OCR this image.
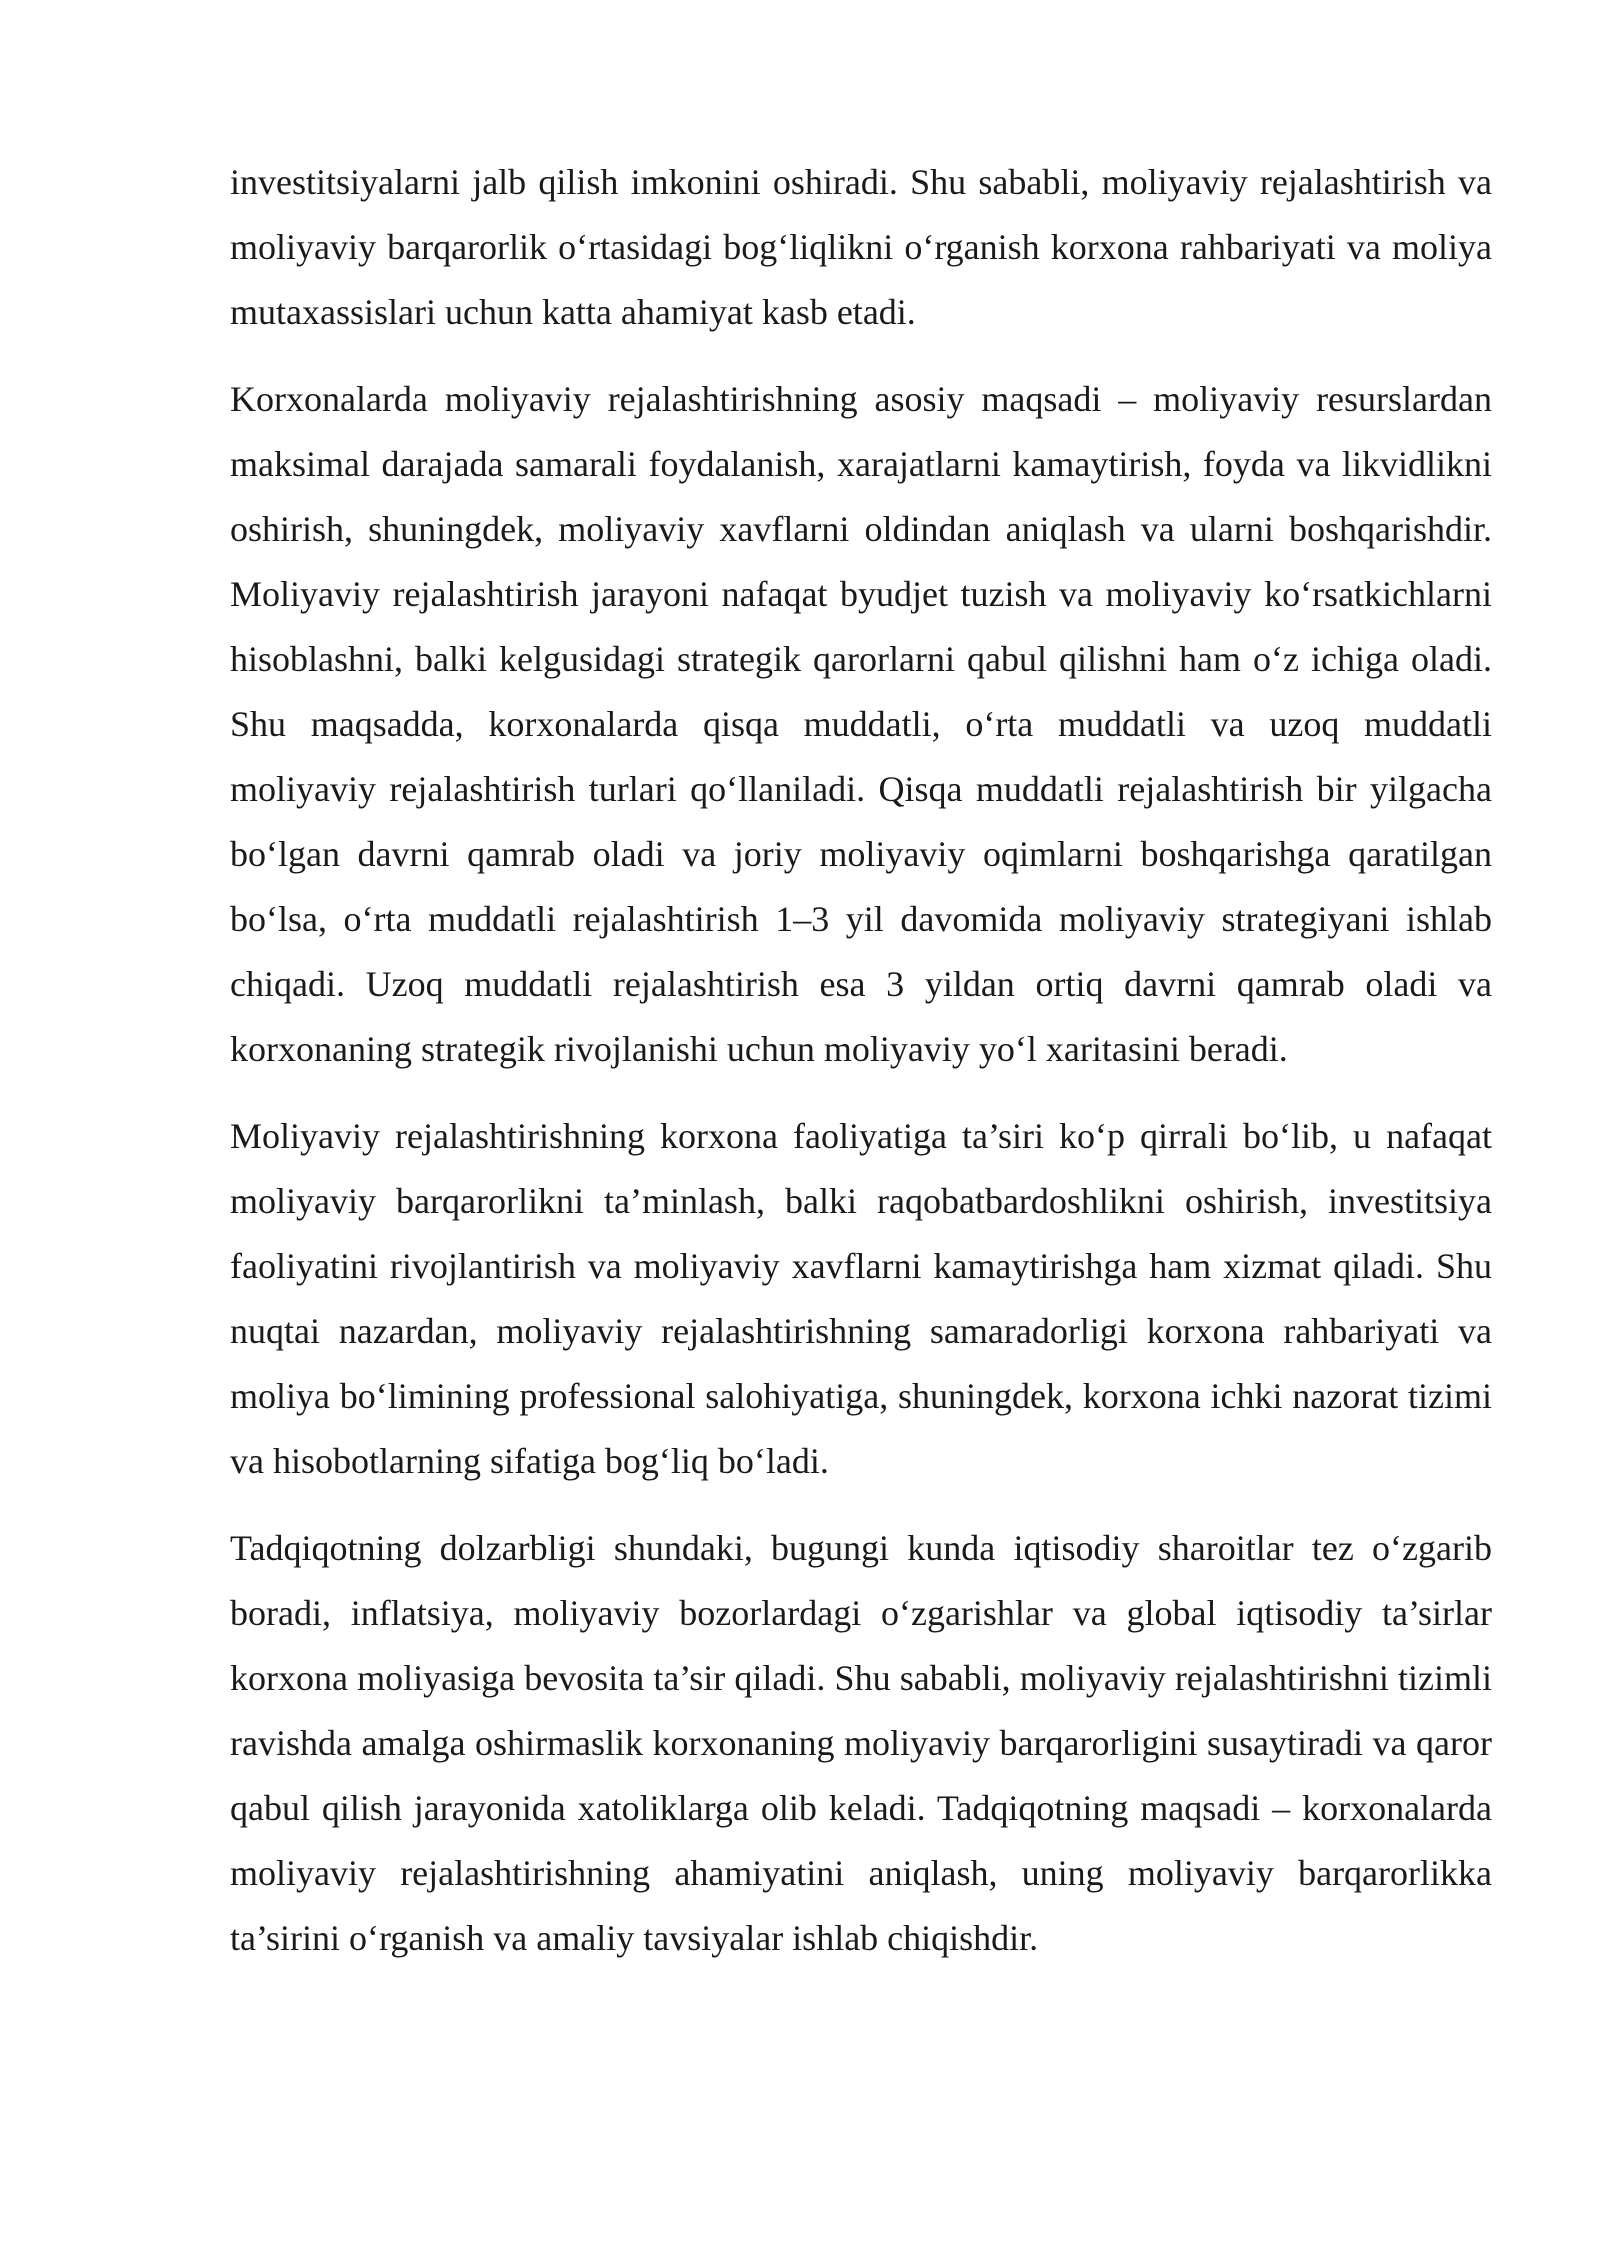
investitsiyalarni jalb qilish imkonini oshiradi. Shu sababli, moliyaviy rejalashtirish va moliyaviy barqarorlik o‘rtasidagi bog‘liqlikni o‘rganish korxona rahbariyati va moliya mutaxassislari uchun katta ahamiyat kasb etadi.

Korxonalarda moliyaviy rejalashtirishning asosiy maqsadi – moliyaviy resurslardan maksimal darajada samarali foydalanish, xarajatlarni kamaytirish, foyda va likvidlikni oshirish, shuningdek, moliyaviy xavflarni oldindan aniqlash va ularni boshqarishdir. Moliyaviy rejalashtirish jarayoni nafaqat byudjet tuzish va moliyaviy ko‘rsatkichlarni hisoblashni, balki kelgusidagi strategik qarorlarni qabul qilishni ham o‘z ichiga oladi. Shu maqsadda, korxonalarda qisqa muddatli, o‘rta muddatli va uzoq muddatli moliyaviy rejalashtirish turlari qo‘llaniladi. Qisqa muddatli rejalashtirish bir yilgacha bo‘lgan davrni qamrab oladi va joriy moliyaviy oqimlarni boshqarishga qaratilgan bo‘lsa, o‘rta muddatli rejalashtirish 1–3 yil davomida moliyaviy strategiyani ishlab chiqadi. Uzoq muddatli rejalashtirish esa 3 yildan ortiq davrni qamrab oladi va korxonaning strategik rivojlanishi uchun moliyaviy yo‘l xaritasini beradi.

Moliyaviy rejalashtirishning korxona faoliyatiga ta’siri ko‘p qirrali bo‘lib, u nafaqat moliyaviy barqarorlikni ta’minlash, balki raqobatbardoshlikni oshirish, investitsiya faoliyatini rivojlantirish va moliyaviy xavflarni kamaytirishga ham xizmat qiladi. Shu nuqtai nazardan, moliyaviy rejalashtirishning samaradorligi korxona rahbariyati va moliya bo‘limining professional salohiyatiga, shuningdek, korxona ichki nazorat tizimi va hisobotlarning sifatiga bog‘liq bo‘ladi.

Tadqiqotning dolzarbligi shundaki, bugungi kunda iqtisodiy sharoitlar tez o‘zgarib boradi, inflatsiya, moliyaviy bozorlardagi o‘zgarishlar va global iqtisodiy ta’sirlar korxona moliyasiga bevosita ta’sir qiladi. Shu sababli, moliyaviy rejalashtirishni tizimli ravishda amalga oshirmaslik korxonaning moliyaviy barqarorligini susaytiradi va qaror qabul qilish jarayonida xatoliklarga olib keladi. Tadqiqotning maqsadi – korxonalarda moliyaviy rejalashtirishning ahamiyatini aniqlash, uning moliyaviy barqarorlikka ta’sirini o‘rganish va amaliy tavsiyalar ishlab chiqishdir.
